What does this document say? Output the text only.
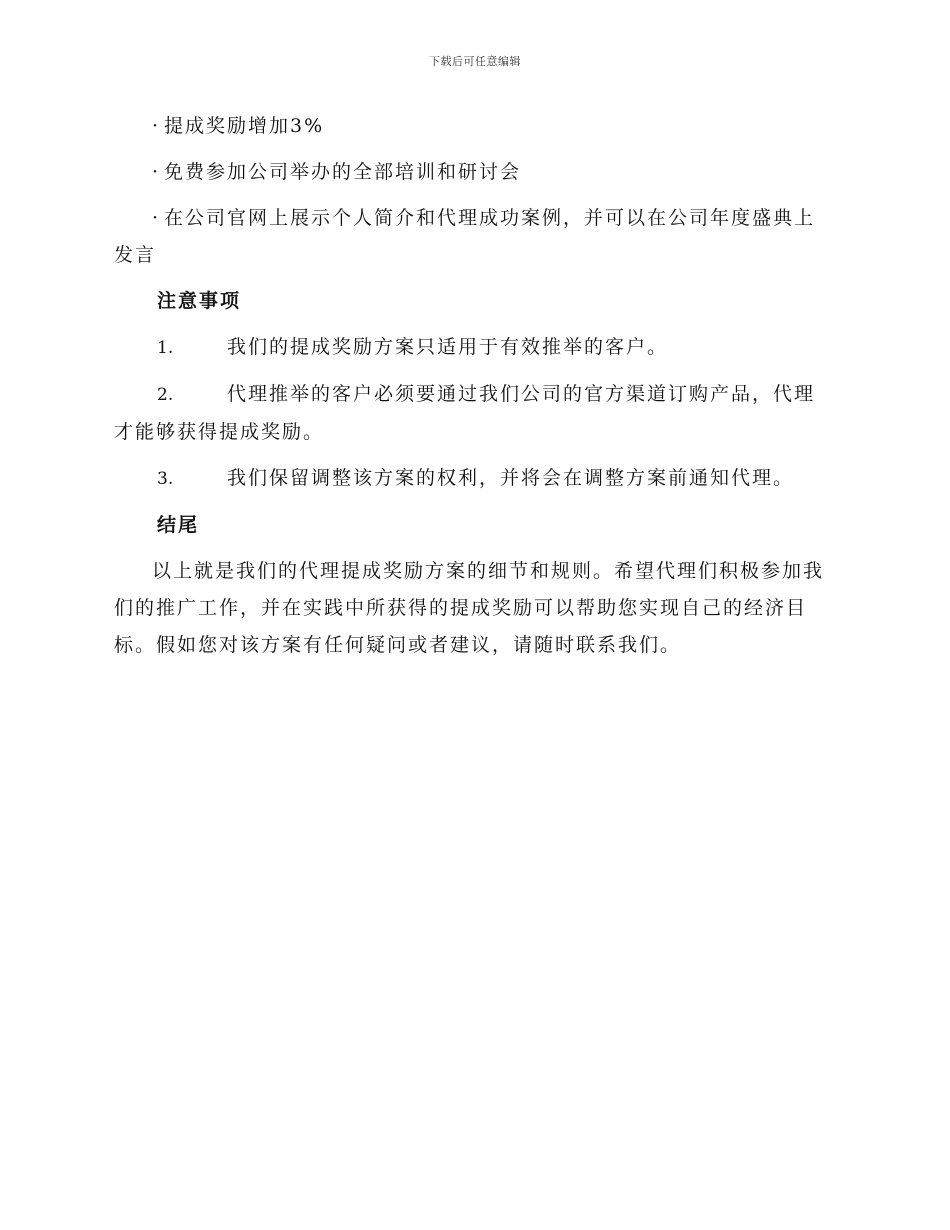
下载后可任意编辑
· 提成奖励增加3%
· 免费参加公司举办的全部培训和研讨会
· 在公司官网上展示个人简介和代理成功案例，并可以在公司年度盛典上发言
注意事项
1.	我们的提成奖励方案只适用于有效推举的客户。
2.	代理推举的客户必须要通过我们公司的官方渠道订购产品，代理才能够获得提成奖励。
3.	我们保留调整该方案的权利，并将会在调整方案前通知代理。
结尾
以上就是我们的代理提成奖励方案的细节和规则。希望代理们积极参加我们的推广工作，并在实践中所获得的提成奖励可以帮助您实现自己的经济目标。假如您对该方案有任何疑问或者建议，请随时联系我们。
